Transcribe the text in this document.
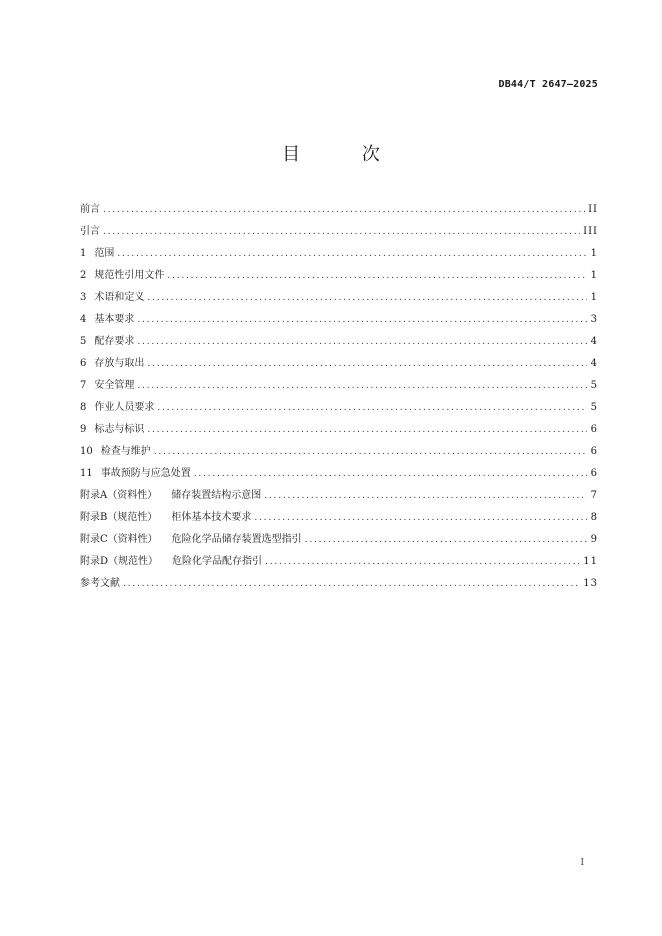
DB44/T 2647—2025
目 次
前言 .....	II
引言 .....	III
1 范围 .....	1
2 规范性引用文件 .....	1
3 术语和定义 .....	1
4 基本要求 .....	3
5 配存要求 .....	4
6 存放与取出 .....	4
7 安全管理 .....	5
8 作业人员要求 .....	5
9 标志与标识 .....	6
10 检查与维护 .....	6
11 事故预防与应急处置 .....	6
附录A（资料性） 储存装置结构示意图 .....	7
附录B（规范性） 柜体基本技术要求 .....	8
附录C（资料性） 危险化学品储存装置选型指引 .....	9
附录D（规范性） 危险化学品配存指引 .....	11
参考文献 .....	13
I
